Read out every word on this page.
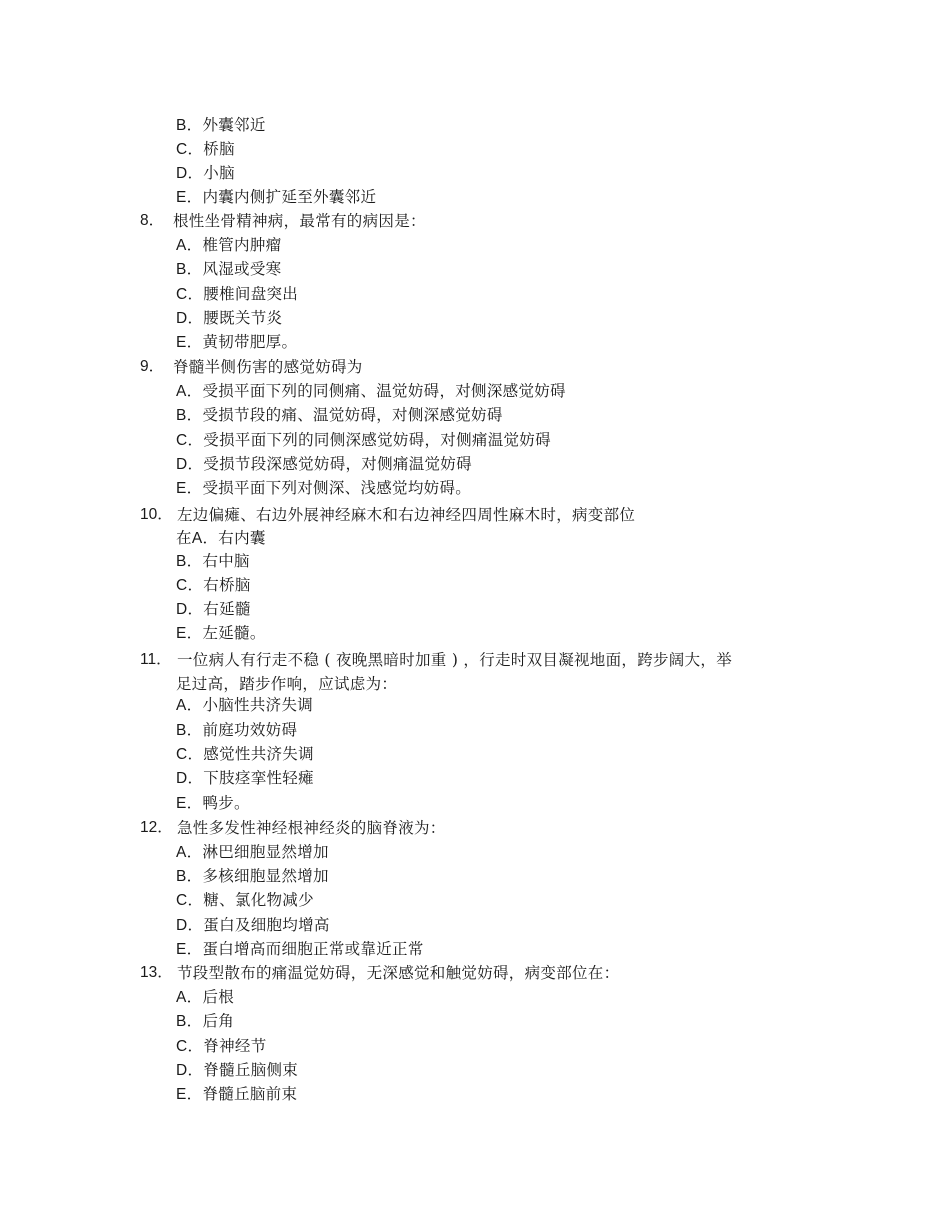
B．外囊邻近
C．桥脑
D．小脑
E．内囊内侧扩延至外囊邻近
8． 根性坐骨精神病，最常有的病因是：
A．椎管内肿瘤
B．风湿或受寒
C．腰椎间盘突出
D．腰既关节炎
E．黄韧带肥厚。
9． 脊髓半侧伤害的感觉妨碍为
A．受损平面下列的同侧痛、温觉妨碍，对侧深感觉妨碍
B．受损节段的痛、温觉妨碍，对侧深感觉妨碍
C．受损平面下列的同侧深感觉妨碍，对侧痛温觉妨碍
D．受损节段深感觉妨碍，对侧痛温觉妨碍
E．受损平面下列对侧深、浅感觉均妨碍。
10． 左边偏瘫、右边外展神经麻木和右边神经四周性麻木时，病变部位
在A．右内囊
B．右中脑
C．右桥脑
D．右延髓
E．左延髓。
11． 一位病人有行走不稳 ( 夜晚黑暗时加重 ) ，行走时双目凝视地面，跨步阔大，举
足过高，踏步作响，应试虑为：
A．小脑性共济失调
B．前庭功效妨碍
C．感觉性共济失调
D．下肢痉挛性轻瘫
E．鸭步。
12． 急性多发性神经根神经炎的脑脊液为：
A．淋巴细胞显然增加
B．多核细胞显然增加
C．糖、氯化物减少
D．蛋白及细胞均增高
E．蛋白增高而细胞正常或靠近正常
13． 节段型散布的痛温觉妨碍，无深感觉和触觉妨碍，病变部位在：
A．后根
B．后角
C．脊神经节
D．脊髓丘脑侧束
E．脊髓丘脑前束
